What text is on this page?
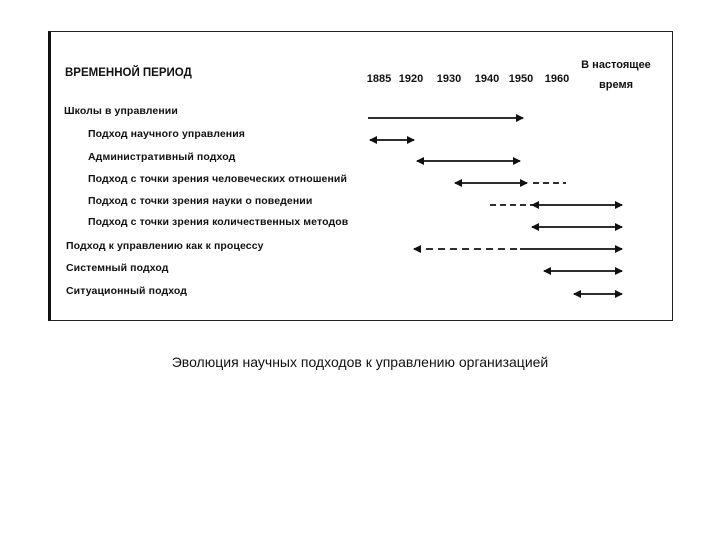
ВРЕМЕННОЙ ПЕРИОД	1885 1920 1930 1940 1950 1960
В настоящее
время
Школы в управлении
Подход научного управления
Административный подход
Подход с точки зрения человеческих отношений
Подход с точки зрения науки о поведении
Подход с точки зрения количественных методов
Подход к управлению как к процессу
Системный подход
Ситуационный подход
Эволюция научных подходов к управлению организацией
